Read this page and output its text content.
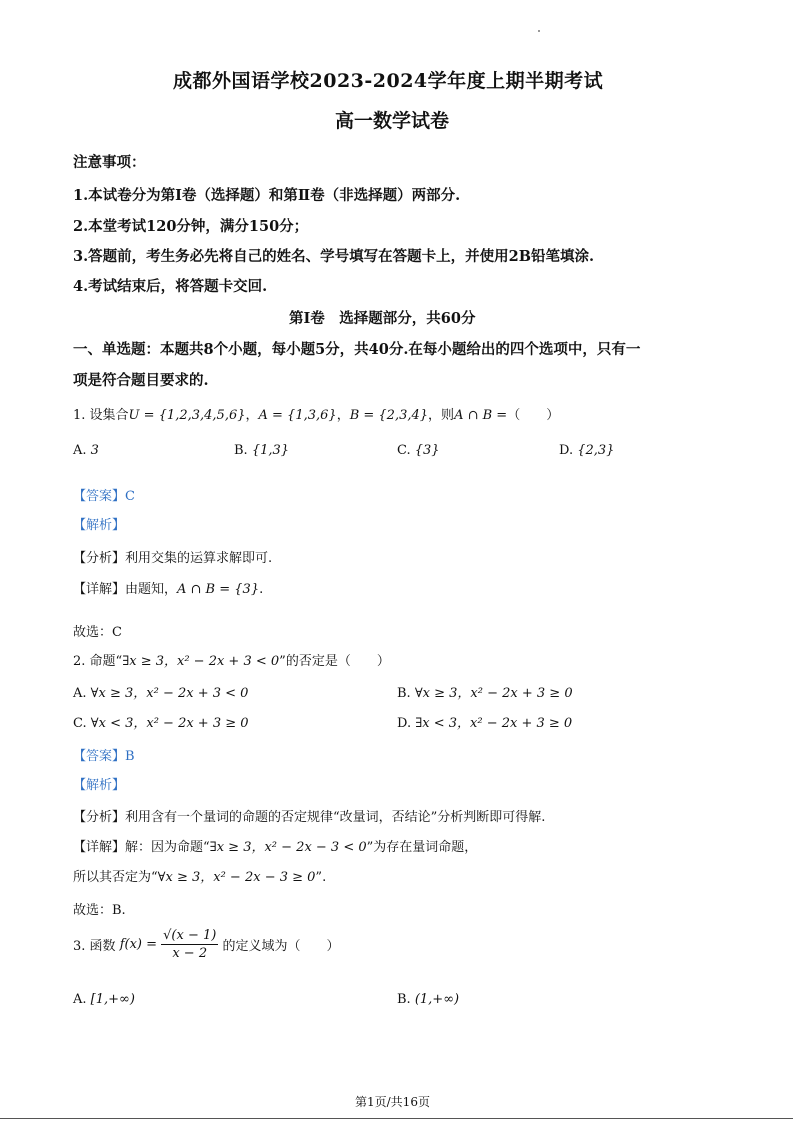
成都外国语学校2023-2024学年度上期半期考试
高一数学试卷
注意事项：
1.本试卷分为第Ⅰ卷（选择题）和第Ⅱ卷（非选择题）两部分.
2.本堂考试120分钟，满分150分；
3.答题前，考生务必先将自己的姓名、学号填写在答题卡上，并使用2B铅笔填涂.
4.考试结束后，将答题卡交回.
第Ⅰ卷　选择题部分，共60分
一、单选题：本题共8个小题，每小题5分，共40分.在每小题给出的四个选项中，只有一
项是符合题目要求的.
1. 设集合U = {1,2,3,4,5,6}，A = {1,3,6}，B = {2,3,4}，则A ∩ B =（　　）
A. 3	B. {1,3}	C. {3}	D. {2,3}
【答案】C
【解析】
【分析】利用交集的运算求解即可.
【详解】由题知，A ∩ B = {3}.
故选：C
2. 命题“∃x ≥ 3，x² − 2x + 3 < 0”的否定是（　　）
A. ∀x ≥ 3，x² − 2x + 3 < 0	B. ∀x ≥ 3，x² − 2x + 3 ≥ 0
C. ∀x < 3，x² − 2x + 3 ≥ 0	D. ∃x < 3，x² − 2x + 3 ≥ 0
【答案】B
【解析】
【分析】利用含有一个量词的命题的否定规律“改量词，否结论”分析判断即可得解.
【详解】解：因为命题“∃x ≥ 3，x² − 2x − 3 < 0”为存在量词命题，
所以其否定为“∀x ≥ 3，x² − 2x − 3 ≥ 0”.
故选：B.
3. 函数 $f(x) = \frac{√(x - 1)}{x - 2}$ 的定义域为（　　）
A. [1,+∞)	B. (1,+∞)
第1页/共16页
